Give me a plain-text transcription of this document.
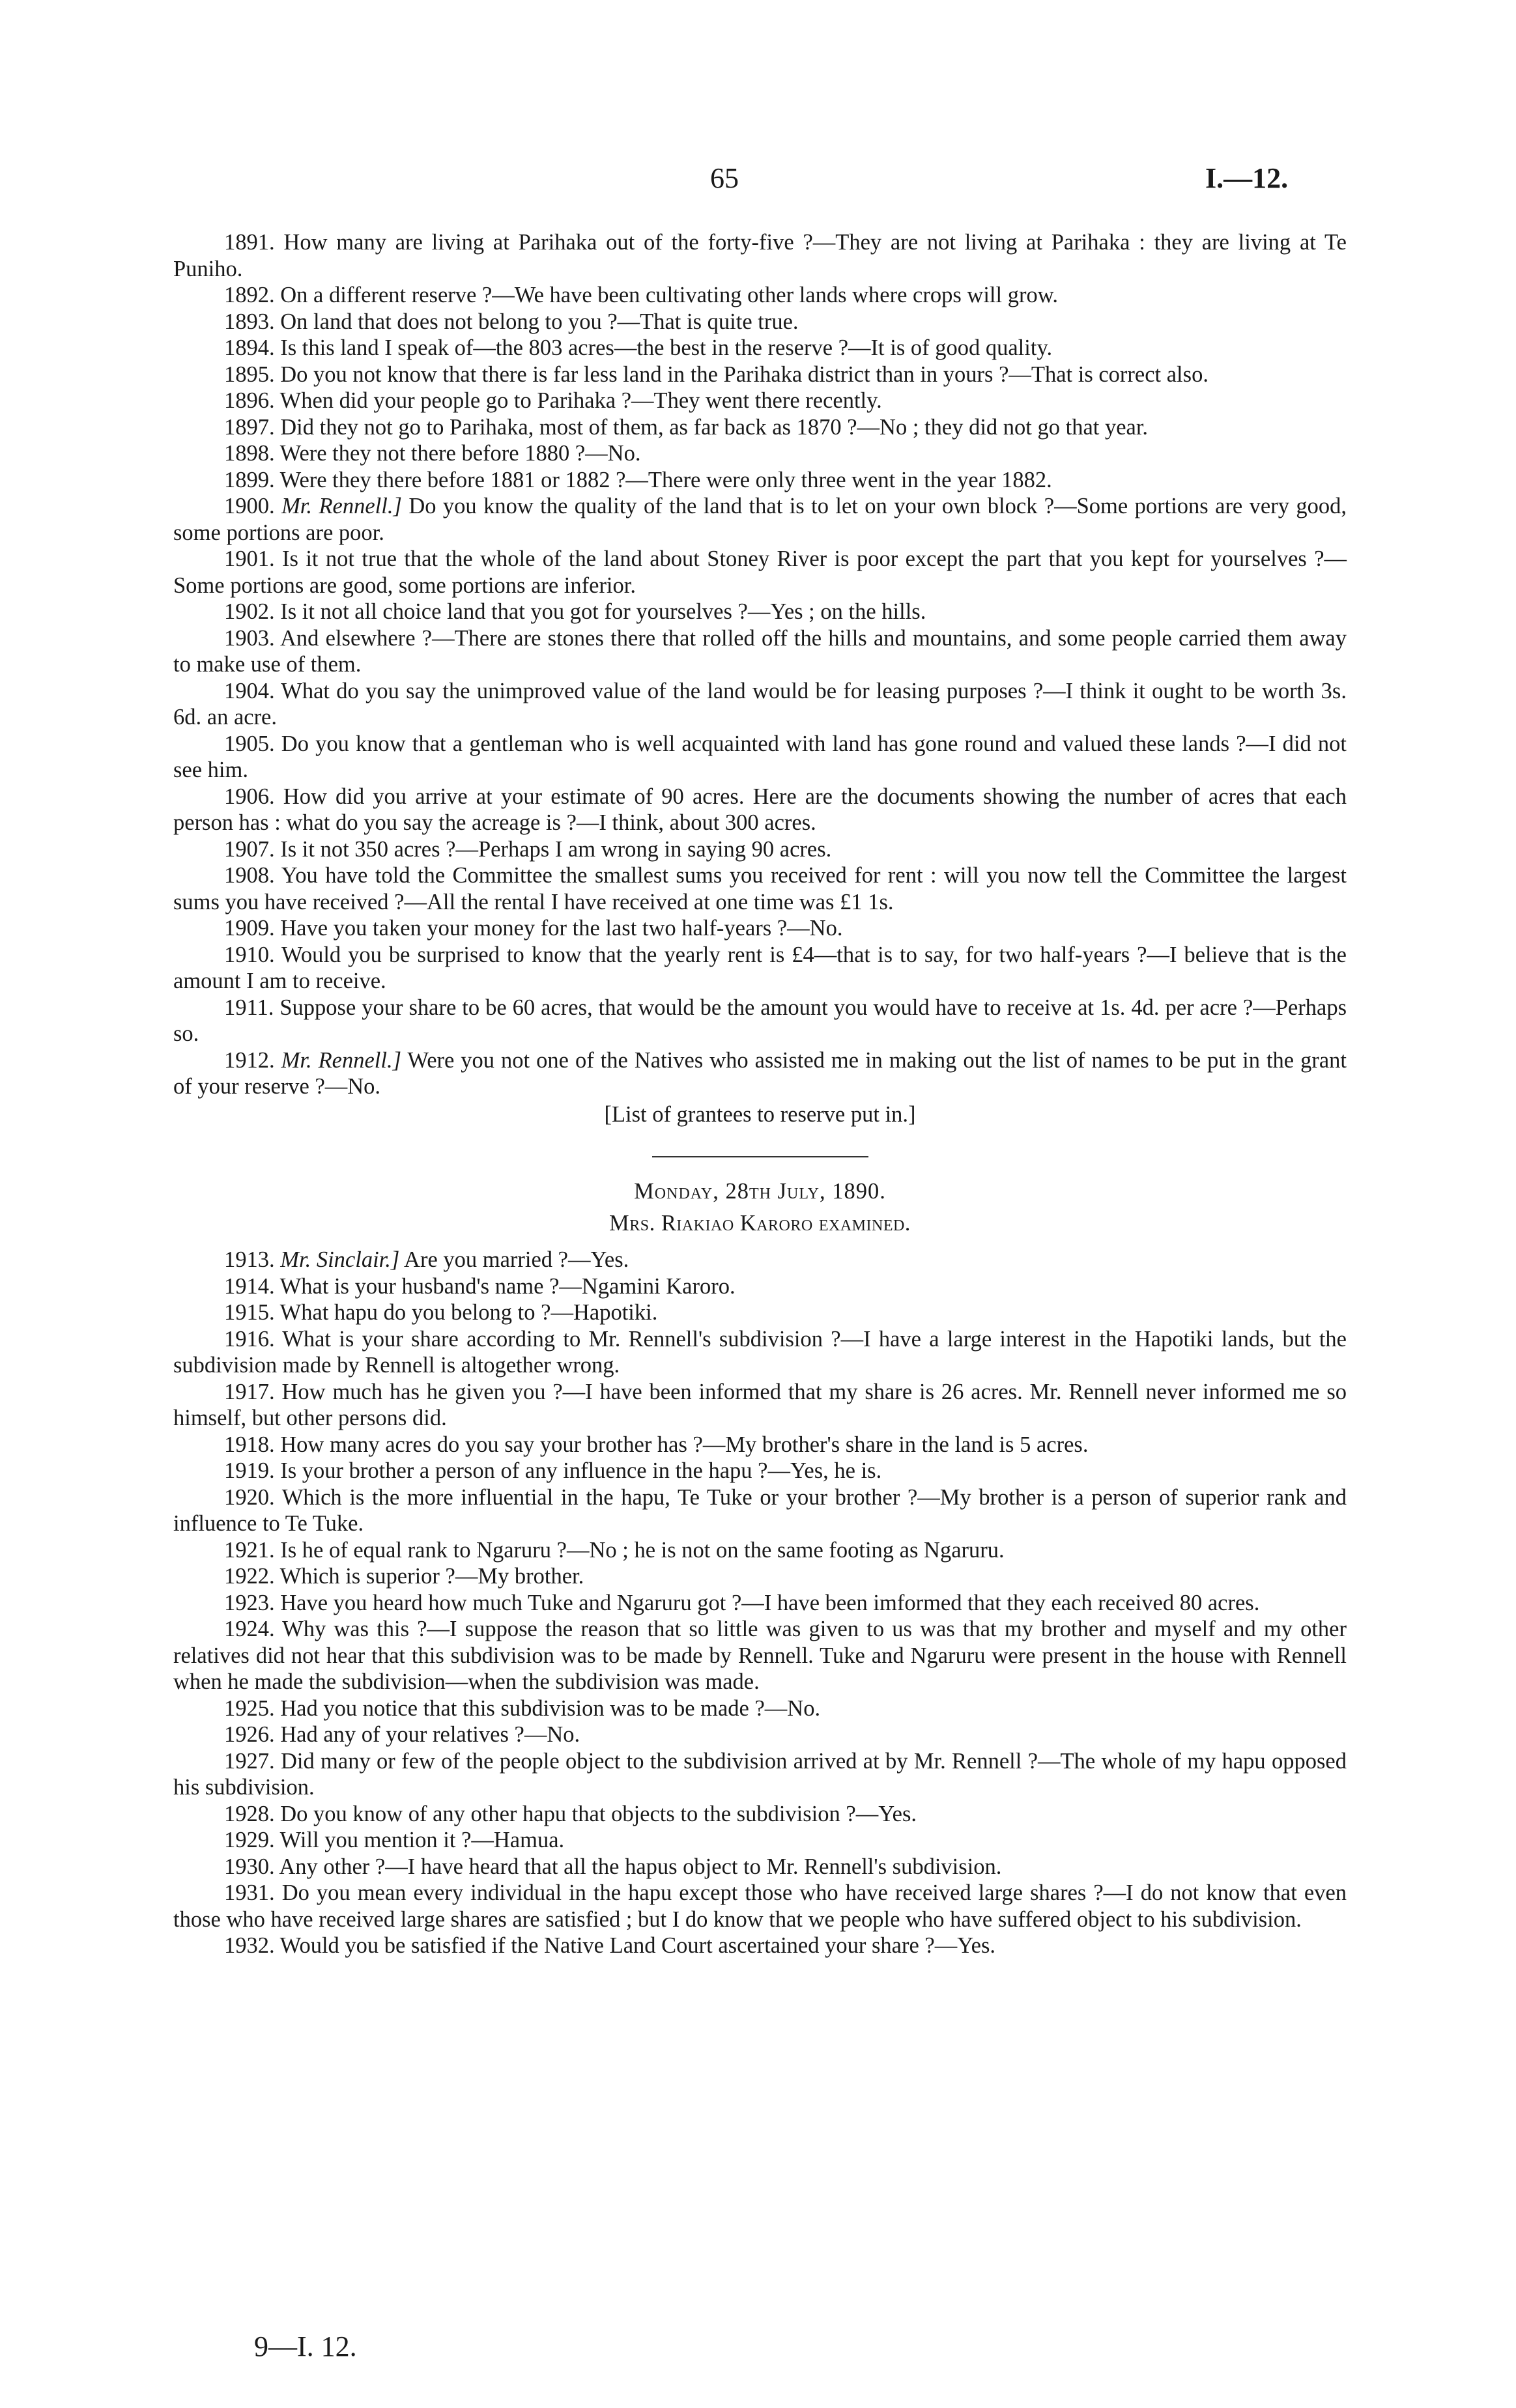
65	I.—12.

1891. How many are living at Parihaka out of the forty-five ?—They are not living at Parihaka : they are living at Te Puniho.

1892. On a different reserve ?—We have been cultivating other lands where crops will grow.

1893. On land that does not belong to you ?—That is quite true.

1894. Is this land I speak of—the 803 acres—the best in the reserve ?—It is of good quality.

1895. Do you not know that there is far less land in the Parihaka district than in yours ?—That is correct also.

1896. When did your people go to Parihaka ?—They went there recently.

1897. Did they not go to Parihaka, most of them, as far back as 1870 ?—No ; they did not go that year.

1898. Were they not there before 1880 ?—No.

1899. Were they there before 1881 or 1882 ?—There were only three went in the year 1882.

1900. Mr. Rennell.] Do you know the quality of the land that is to let on your own block ?—Some portions are very good, some portions are poor.

1901. Is it not true that the whole of the land about Stoney River is poor except the part that you kept for yourselves ?—Some portions are good, some portions are inferior.

1902. Is it not all choice land that you got for yourselves ?—Yes ; on the hills.

1903. And elsewhere ?—There are stones there that rolled off the hills and mountains, and some people carried them away to make use of them.

1904. What do you say the unimproved value of the land would be for leasing purposes ?—I think it ought to be worth 3s. 6d. an acre.

1905. Do you know that a gentleman who is well acquainted with land has gone round and valued these lands ?—I did not see him.

1906. How did you arrive at your estimate of 90 acres. Here are the documents showing the number of acres that each person has : what do you say the acreage is ?—I think, about 300 acres.

1907. Is it not 350 acres ?—Perhaps I am wrong in saying 90 acres.

1908. You have told the Committee the smallest sums you received for rent : will you now tell the Committee the largest sums you have received ?—All the rental I have received at one time was £1 1s.

1909. Have you taken your money for the last two half-years ?—No.

1910. Would you be surprised to know that the yearly rent is £4—that is to say, for two half-years ?—I believe that is the amount I am to receive.

1911. Suppose your share to be 60 acres, that would be the amount you would have to receive at 1s. 4d. per acre ?—Perhaps so.

1912. Mr. Rennell.] Were you not one of the Natives who assisted me in making out the list of names to be put in the grant of your reserve ?—No.

[List of grantees to reserve put in.]

Monday, 28th July, 1890.

Mrs. Riakiao Karoro examined.

1913. Mr. Sinclair.] Are you married ?—Yes.

1914. What is your husband's name ?—Ngamini Karoro.

1915. What hapu do you belong to ?—Hapotiki.

1916. What is your share according to Mr. Rennell's subdivision ?—I have a large interest in the Hapotiki lands, but the subdivision made by Rennell is altogether wrong.

1917. How much has he given you ?—I have been informed that my share is 26 acres. Mr. Rennell never informed me so himself, but other persons did.

1918. How many acres do you say your brother has ?—My brother's share in the land is 5 acres.

1919. Is your brother a person of any influence in the hapu ?—Yes, he is.

1920. Which is the more influential in the hapu, Te Tuke or your brother ?—My brother is a person of superior rank and influence to Te Tuke.

1921. Is he of equal rank to Ngaruru ?—No ; he is not on the same footing as Ngaruru.

1922. Which is superior ?—My brother.

1923. Have you heard how much Tuke and Ngaruru got ?—I have been imformed that they each received 80 acres.

1924. Why was this ?—I suppose the reason that so little was given to us was that my brother and myself and my other relatives did not hear that this subdivision was to be made by Rennell. Tuke and Ngaruru were present in the house with Rennell when he made the subdivision—when the subdivision was made.

1925. Had you notice that this subdivision was to be made ?—No.

1926. Had any of your relatives ?—No.

1927. Did many or few of the people object to the subdivision arrived at by Mr. Rennell ?—The whole of my hapu opposed his subdivision.

1928. Do you know of any other hapu that objects to the subdivision ?—Yes.

1929. Will you mention it ?—Hamua.

1930. Any other ?—I have heard that all the hapus object to Mr. Rennell's subdivision.

1931. Do you mean every individual in the hapu except those who have received large shares ?—I do not know that even those who have received large shares are satisfied ; but I do know that we people who have suffered object to his subdivision.

1932. Would you be satisfied if the Native Land Court ascertained your share ?—Yes.

9—I. 12.
